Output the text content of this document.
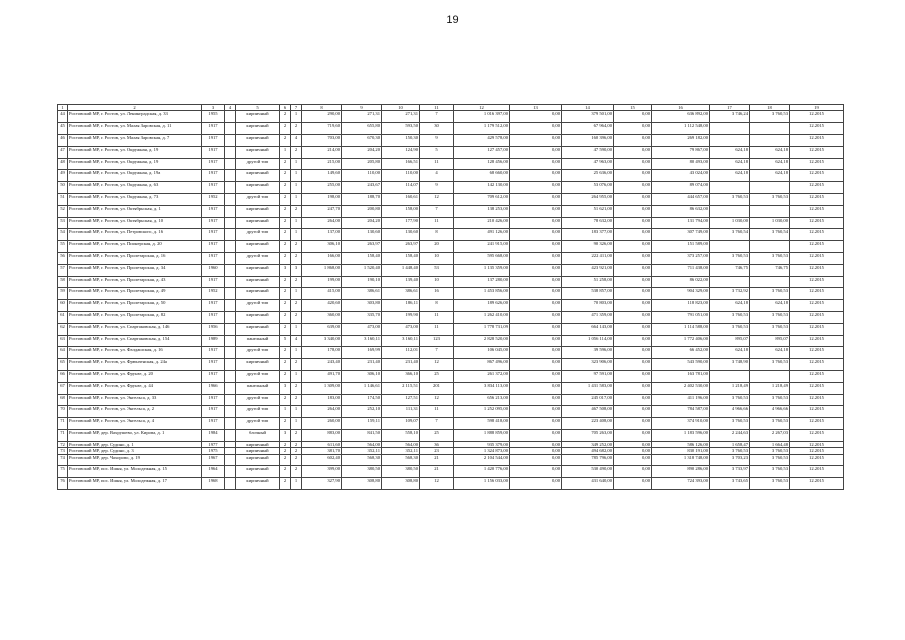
19
1	2	3	4	5	6	7	8	9	10	11	12	13	14	15	16	17	18	19
44	Ростовский МР, г. Ростов, ул. Ленинградская, д. 33	1955		кирпичный	2	1	290,00	271,31	271,31	7	1 016 397,00	0,00	379 501,00	0,00	636 892,00	3 746,24	3 760,53	12.2015
45	Ростовский МР, г. Ростов, ул. Малая Заровская, д. 11	1917		кирпичный	2	2	719,60	655,80	593,50	30	1 179 512,00	0,00	67 964,00	0,00	1 112 548,00			12.2015
46	Ростовский МР, г. Ростов, ул. Малая Заровская, д. 7	1917		кирпичный	2	4	703,00	670,30	150,30	9	429 578,00	0,00	160 396,00	0,00	269 182,00			12.2015
47	Ростовский МР, г. Ростов, ул. Окружная, д. 19	1917		кирпичный	1	2	214,00	204,20	124,90	5	127 457,00	0,00	47 590,00	0,00	79 867,00	624,18	624,18	12.2015
48	Ростовский МР, г. Ростов, ул. Окружная, д. 19	1917		другой тип	2	1	215,00	205,80	166,51	11	128 456,00	0,00	47 963,00	0,00	80 493,00	624,18	624,18	12.2015
49	Ростовский МР, г. Ростов, ул. Окружная, д. 19а	1917		кирпичный	2	1	149,60	110,00	110,00	4	68 660,00	0,00	25 636,00	0,00	43 024,00	624,18	624,18	12.2015
50	Ростовский МР, г. Ростов, ул. Окружная, д. 63	1917		кирпичный	2	1	255,00	243,67	114,07	9	142 130,00	0,00	53 076,00	0,00	89 074,00			12.2015
51	Ростовский МР, г. Ростов, ул. Окружная, д. 73	1952		другой тип	2	1	198,00	188,70	160,61	12	709 612,00	0,00	264 955,00	0,00	444 657,00	3 760,53	3 760,53	12.2015
52	Ростовский МР, г. Ростов, ул. Октябрьская, д. 1	1917		кирпичный	2	2	247,70	200,80	158,00	7	138 253,00	0,00	51 621,00	0,00	86 632,00			12.2015
53	Ростовский МР, г. Ростов, ул. Октябрьская, д. 10	1917		кирпичный	2	1	264,00	204,20	177,90	11	210 426,00	0,00	78 632,00	0,00	131 794,00	1 030,00	1 030,00	12.2015
54	Ростовский МР, г. Ростов, ул. Петровского, д. 16	1917		другой тип	2	1	137,00	130,60	130,60	8	491 126,00	0,00	183 377,00	0,00	307 749,00	3 760,54	3 760,54	12.2015
55	Ростовский МР, г. Ростов, ул. Пионерская, д. 20	1917		кирпичный	2	2	306,10	263,97	263,97	20	241 915,00	0,00	90 326,00	0,00	151 589,00			12.2015
56	Ростовский МР, г. Ростов, ул. Пролетарская, д. 16	1917		другой тип	2	2	166,00	158,40	158,40	10	595 668,00	0,00	222 411,00	0,00	373 257,00	3 760,53	3 760,53	12.2015
57	Ростовский МР, г. Ростов, ул. Пролетарская, д. 34	1960		кирпичный	3	3	1 868,00	1 520,40	1 448,40	53	1 135 359,00	0,00	423 921,00	0,00	711 438,00	746,75	746,75	12.2015
58	Ростовский МР, г. Ростов, ул. Пролетарская, д. 43	1917		кирпичный	2	2	199,00	190,10	139,40	10	137 280,00	0,00	51 258,00	0,00	86 022,00			12.2015
59	Ростовский МР, г. Ростов, ул. Пролетарская, д. 49	1952		кирпичный	2	1	415,00	386,61	386,61	16	1 453 856,00	0,00	538 857,00	0,00	904 329,00	3 732,92	3 760,53	12.2015
60	Ростовский МР, г. Ростов, ул. Пролетарская, д. 50	1917		другой тип	2	2	420,60	303,80	186,11	8	189 626,00	0,00	70 803,00	0,00	118 823,00	624,18	624,18	12.2015
61	Ростовский МР, г. Ростов, ул. Пролетарская, д. 82	1917		кирпичный	2	2	360,00	335,70	199,90	11	1 262 410,00	0,00	471 359,00	0,00	791 051,00	3 760,53	3 760,53	12.2015
62	Ростовский МР, г. Ростов, ул. Спартаковская, д. 146	1956		кирпичный	2	1	639,00	473,00	473,00	11	1 778 731,09	0,00	664 143,00	0,00	1 114 588,00	3 760,53	3 760,53	12.2015
63	Ростовский МР, г. Ростов, ул. Спартаковская, д. 154	1989		панельный	5	4	3 340,00	3 160,11	3 160,11	123	2 828 520,00	0,00	1 056 114,00	0,00	1 772 406,00	895,07	895,07	12.2015
64	Ростовский МР, г. Ростов, ул. Фалдашская, д. 16	1917		другой тип	2	1	178,00	169,99	112,01	7	106 045,00	0,00	39 596,00	0,00	66 452,00	624,18	624,18	12.2015
65	Ростовский МР, г. Ростов, ул. Фрюнзенская, д. 24а	1917		кирпичный	2	2	243,40	231,40	231,40	12	867 496,00	0,00	323 906,00	0,00	543 590,00	3 748,90	3 760,53	12.2015
66	Ростовский МР, г. Ростов, ул. Фрунзе, д. 20	1917		другой тип	2	1	491,70	306,10	366,10	25	261 372,00	0,00	97 591,00	0,00	163 781,00			12.2015
67	Ростовский МР, г. Ростов, ул. Фрунзе, д. 44	1966		панельный	3	2	1 309,00	1 146,61	2 115,51	201	3 834 113,00	0,00	1 431 583,00	0,00	2 402 530,00	1 218,49	1 218,49	12.2015
68	Ростовский МР, г. Ростов, ул. Энгельса, д. 33	1917		другой тип	2	2	183,00	174,50	127,51	12	656 213,00	0,00	245 017,00	0,00	411 196,00	3 760,53	3 760,53	12.2015
70	Ростовский МР, г. Ростов, ул. Энгельса, д. 2	1917		другой тип	1	1	264,00	252,10	111,31	11	1 252 095,00	0,00	467 508,00	0,00	784 587,00	4 966,66	4 966,66	12.2015
71	Ростовский МР, г. Ростов, ул. Энгельса, д. 4	1917		другой тип	2	1	260,00	159,11	109,07	7	598 418,00	0,00	223 408,00	0,00	374 910,00	3 760,53	3 760,53	12.2015
71	Ростовский МР, дер. Вахрушево, ул. Кирова, д. 1	1984		блочный	3	2	883,00	841,50	558,10	25	1 888 859,00	0,00	705 263,00	0,00	1 183 596,00	2 244,63	2 267,03	12.2015
72	Ростовский МР, дер. Судино, д. 1	1977		кирпичный	2	2	611,60	564,00	564,00	36	935 379,00	0,00	349 252,00	0,00	586 126,00	1 658,47	1 664,48	12.2015
73	Ростовский МР, дер. Судино, д. 3	1975		кирпичный	2	2	381,70	352,11	352,11	23	1 324 873,00	0,00	494 682,00	0,00	830 191,00	3 760,53	3 760,53	12.2015
74	Ростовский МР, дер. Чахорово, д. 19	1967		кирпичный	2	2	602,40	568,30	568,30	21	2 104 544,00	0,00	785 796,00	0,00	1 318 748,00	3 703,23	3 760,53	12.2015
75	Ростовский МР, пос. Ишня, ул. Молодежная, д. 15	1964		кирпичный	2	2	399,00	380,50	380,50	21	1 420 776,00	0,00	530 490,00	0,00	890 286,00	3 733,97	3 760,53	12.2015
76	Ростовский МР, пос. Ишня, ул. Молодежная, д. 17	1968		кирпичный	2	1	327,90	308,80	308,80	12	1 156 033,00	0,00	431 640,00	0,00	724 393,00	3 743,65	3 760,53	12.2015
